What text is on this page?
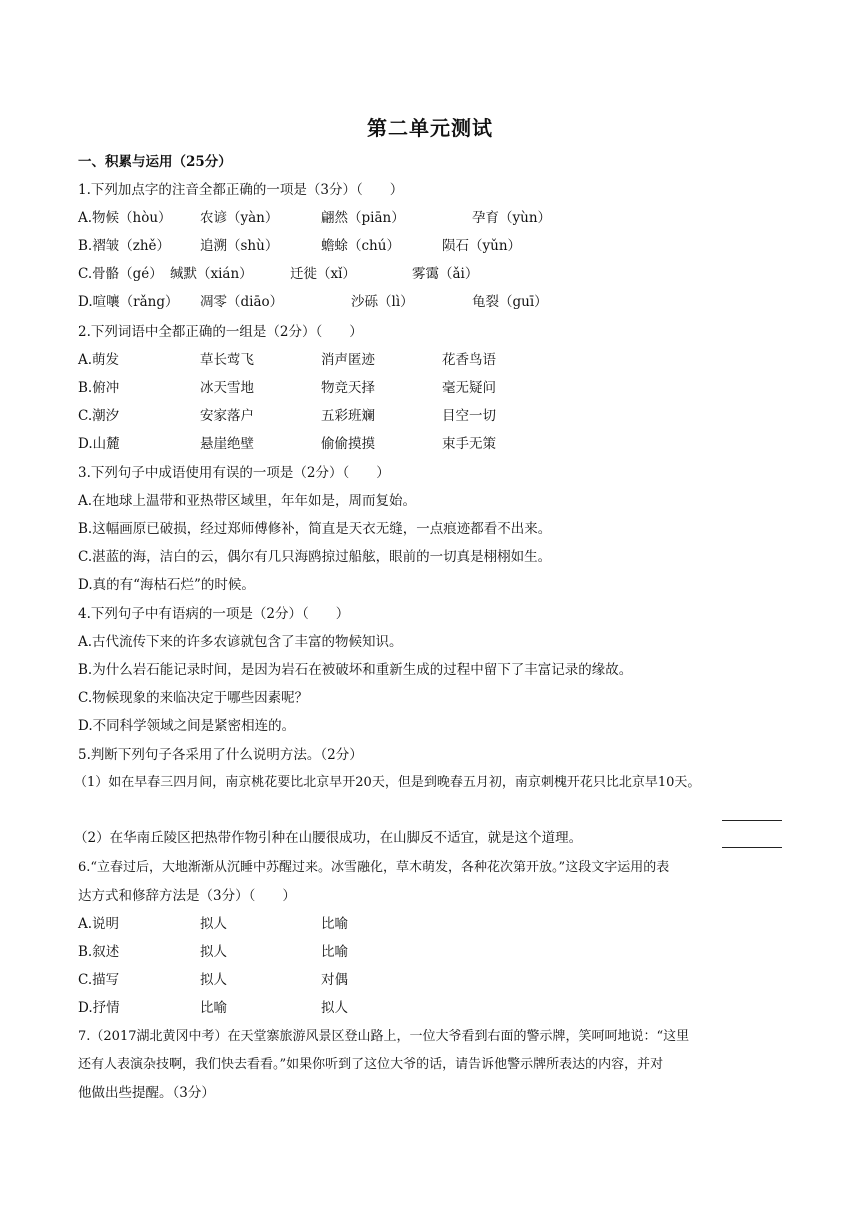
第二单元测试
一、积累与运用（25分）
1.下列加点字的注音全都正确的一项是（3分）（　　）
A.物候（hòu） 农谚（yàn）	翩然（piān）	孕育（yùn）
B.褶皱（zhě） 追溯（shù）	蟾蜍（chú）	陨石（yǔn）
C.骨骼（gé） 缄默（xián）	迁徙（xǐ）	雾霭（ǎi）
D.喧嚷（rǎng） 凋零（diāo）	沙砾（lì）	龟裂（guī）
2.下列词语中全都正确的一组是（2分）（　　）
A.萌发	草长莺飞	消声匿迹	花香鸟语
B.俯冲	冰天雪地	物竞天择	毫无疑问
C.潮汐	安家落户	五彩班斓	目空一切
D.山麓	悬崖绝壁	偷偷摸摸	束手无策
3.下列句子中成语使用有误的一项是（2分）（　　）
A.在地球上温带和亚热带区域里，年年如是，周而复始。
B.这幅画原已破损，经过郑师傅修补，简直是天衣无缝，一点痕迹都看不出来。
C.湛蓝的海，洁白的云，偶尔有几只海鸥掠过船舷，眼前的一切真是栩栩如生。
D.真的有“海枯石烂”的时候。
4.下列句子中有语病的一项是（2分）（　　）
A.古代流传下来的许多农谚就包含了丰富的物候知识。
B.为什么岩石能记录时间，是因为岩石在被破坏和重新生成的过程中留下了丰富记录的缘故。
C.物候现象的来临决定于哪些因素呢？
D.不同科学领域之间是紧密相连的。
5.判断下列句子各采用了什么说明方法。（2分）
（1）如在早春三四月间，南京桃花要比北京早开20天，但是到晚春五月初，南京刺槐开花只比北京早10天。
（2）在华南丘陵区把热带作物引种在山腰很成功，在山脚反不适宜，就是这个道理。
6.“立春过后，大地渐渐从沉睡中苏醒过来。冰雪融化，草木萌发，各种花次第开放。”这段文字运用的表
达方式和修辞方法是（3分）（　　）
A.说明	拟人	比喻
B.叙述	拟人	比喻
C.描写	拟人	对偶
D.抒情	比喻	拟人
7.（2017湖北黄冈中考）在天堂寨旅游风景区登山路上，一位大爷看到右面的警示牌，笑呵呵地说：“这里
还有人表演杂技啊，我们快去看看。”如果你听到了这位大爷的话，请告诉他警示牌所表达的内容，并对
他做出些提醒。（3分）
